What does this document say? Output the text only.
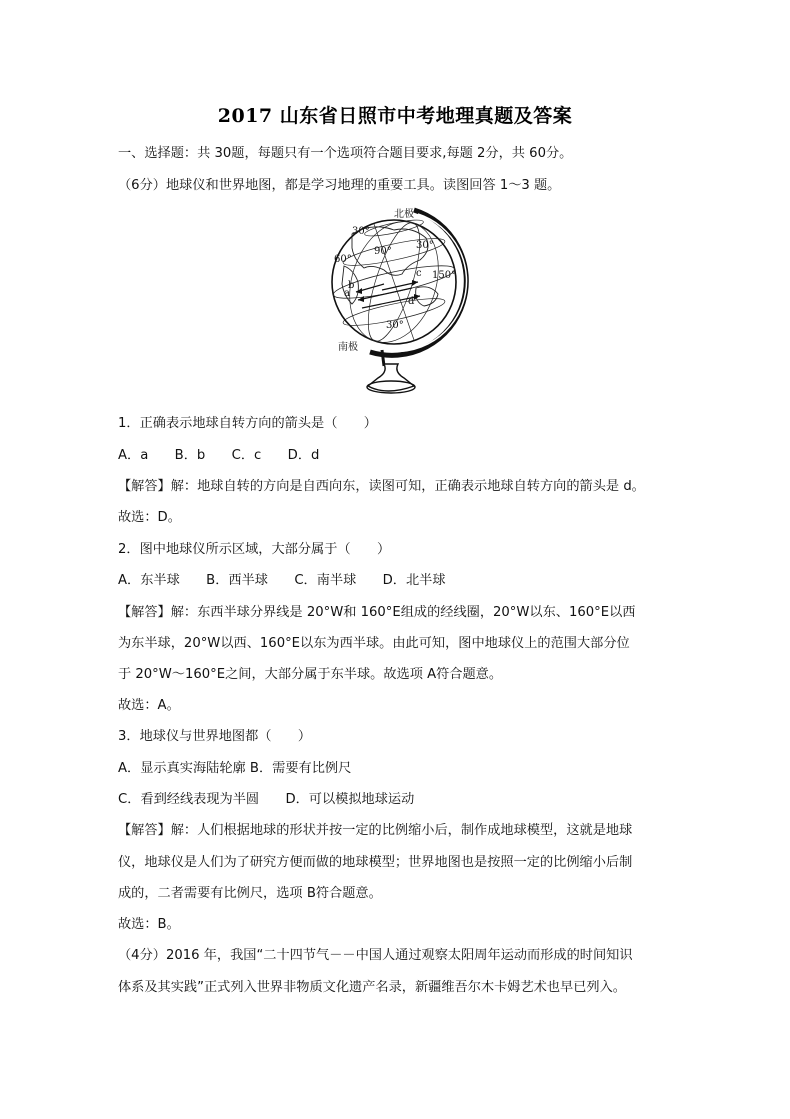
2017 山东省日照市中考地理真题及答案
一、选择题：共 30题，每题只有一个选项符合题目要求,每题 2分，共 60分。
（6分）地球仪和世界地图，都是学习地理的重要工具。读图回答 1～3 题。
北极
南极
30°
60°
90°
30°
150°
30°
a
b
c
d
1．正确表示地球自转方向的箭头是（　　）
A．a　　B．b　　C．c　　D．d
【解答】解：地球自转的方向是自西向东，读图可知，正确表示地球自转方向的箭头是 d。
故选：D。
2．图中地球仪所示区域，大部分属于（　　）
A．东半球　　B．西半球　　C．南半球　　D．北半球
【解答】解：东西半球分界线是 20°W和 160°E组成的经线圈，20°W以东、160°E以西
为东半球，20°W以西、160°E以东为西半球。由此可知，图中地球仪上的范围大部分位
于 20°W～160°E之间，大部分属于东半球。故选项 A符合题意。
故选：A。
3．地球仪与世界地图都（　　）
A．显示真实海陆轮廓 B．需要有比例尺
C．看到经线表现为半圆　　D．可以模拟地球运动
【解答】解：人们根据地球的形状并按一定的比例缩小后，制作成地球模型，这就是地球
仪，地球仪是人们为了研究方便而做的地球模型；世界地图也是按照一定的比例缩小后制
成的，二者需要有比例尺，选项 B符合题意。
故选：B。
（4分）2016 年，我国“二十四节气－－中国人通过观察太阳周年运动而形成的时间知识
体系及其实践”正式列入世界非物质文化遗产名录，新疆维吾尔木卡姆艺术也早已列入。
